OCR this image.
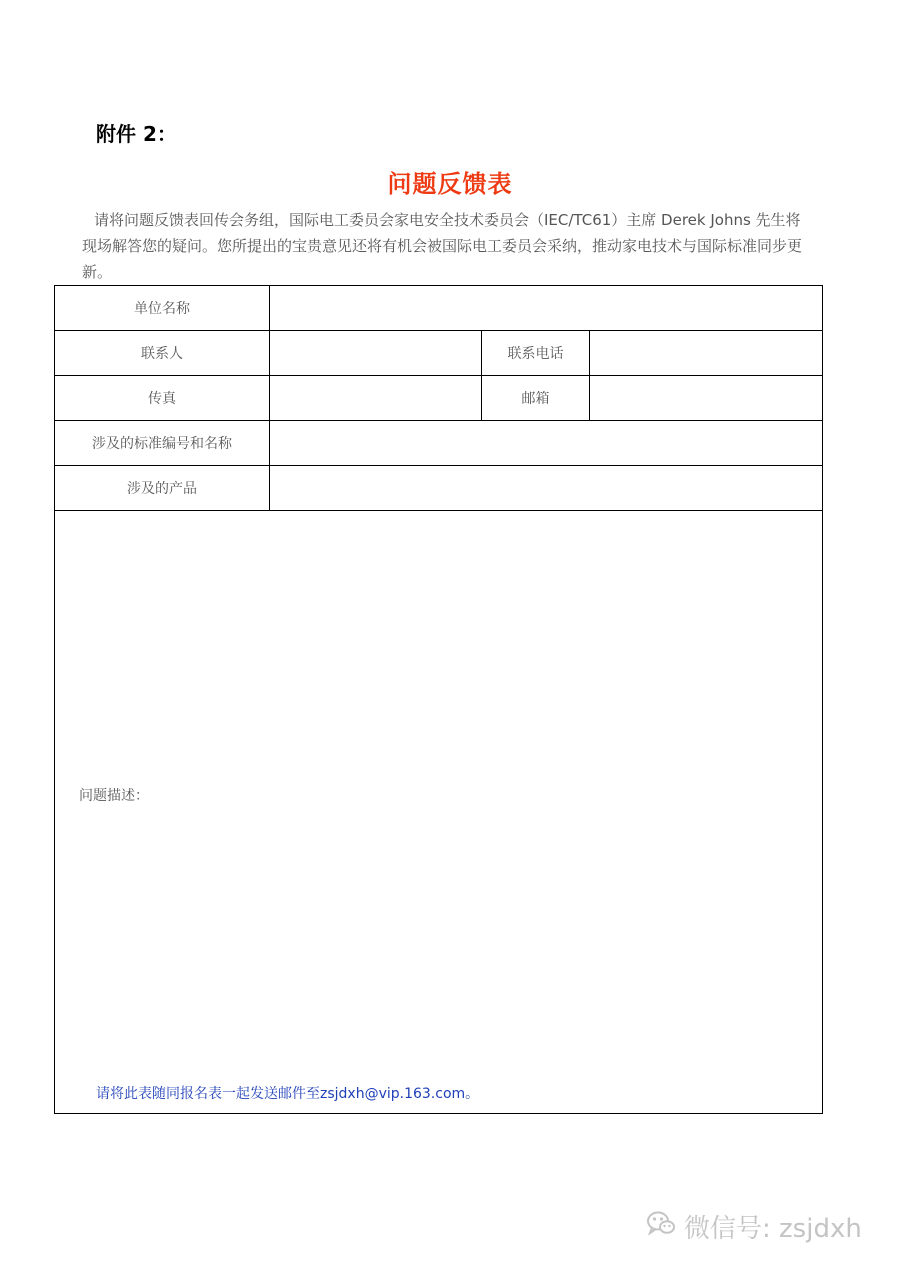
附件 2：
问题反馈表
请将问题反馈表回传会务组，国际电工委员会家电安全技术委员会（IEC/TC61）主席 Derek Johns 先生将现场解答您的疑问。您所提出的宝贵意见还将有机会被国际电工委员会采纳，推动家电技术与国际标准同步更新。
单位名称			
联系人		联系电话	
传真		邮箱	
涉及的标准编号和名称			
涉及的产品			
问题描述：			
请将此表随同报名表一起发送邮件至zsjdxh@vip.163.com。
微信号: zsjdxh
